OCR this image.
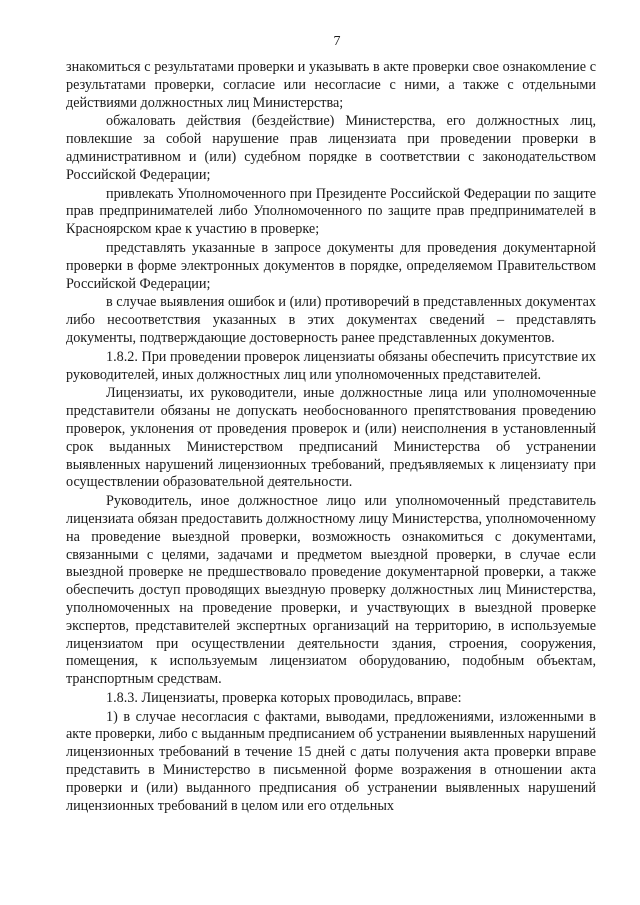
7

знакомиться с результатами проверки и указывать в акте проверки свое ознакомление с результатами проверки, согласие или несогласие с ними, а также с отдельными действиями должностных лиц Министерства;

обжаловать действия (бездействие) Министерства, его должностных лиц, повлекшие за собой нарушение прав лицензиата при проведении проверки в административном и (или) судебном порядке в соответствии с законодательством Российской Федерации;

привлекать Уполномоченного при Президенте Российской Федерации по защите прав предпринимателей либо Уполномоченного по защите прав предпринимателей в Красноярском крае к участию в проверке;

представлять указанные в запросе документы для проведения документарной проверки в форме электронных документов в порядке, определяемом Правительством Российской Федерации;

в случае выявления ошибок и (или) противоречий в представленных документах либо несоответствия указанных в этих документах сведений – представлять документы, подтверждающие достоверность ранее представленных документов.

1.8.2. При проведении проверок лицензиаты обязаны обеспечить присутствие их руководителей, иных должностных лиц или уполномоченных представителей.

Лицензиаты, их руководители, иные должностные лица или уполномоченные представители обязаны не допускать необоснованного препятствования проведению проверок, уклонения от проведения проверок и (или) неисполнения в установленный срок выданных Министерством предписаний Министерства об устранении выявленных нарушений лицензионных требований, предъявляемых к лицензиату при осуществлении образовательной деятельности.

Руководитель, иное должностное лицо или уполномоченный представитель лицензиата обязан предоставить должностному лицу Министерства, уполномоченному на проведение выездной проверки, возможность ознакомиться с документами, связанными с целями, задачами и предметом выездной проверки, в случае если выездной проверке не предшествовало проведение документарной проверки, а также обеспечить доступ проводящих выездную проверку должностных лиц Министерства, уполномоченных на проведение проверки, и участвующих в выездной проверке экспертов, представителей экспертных организаций на территорию, в используемые лицензиатом при осуществлении деятельности здания, строения, сооружения, помещения, к используемым лицензиатом оборудованию, подобным объектам, транспортным средствам.

1.8.3. Лицензиаты, проверка которых проводилась, вправе:

1) в случае несогласия с фактами, выводами, предложениями, изложенными в акте проверки, либо с выданным предписанием об устранении выявленных нарушений лицензионных требований в течение 15 дней с даты получения акта проверки вправе представить в Министерство в письменной форме возражения в отношении акта проверки и (или) выданного предписания об устранении выявленных нарушений лицензионных требований в целом или его отдельных
